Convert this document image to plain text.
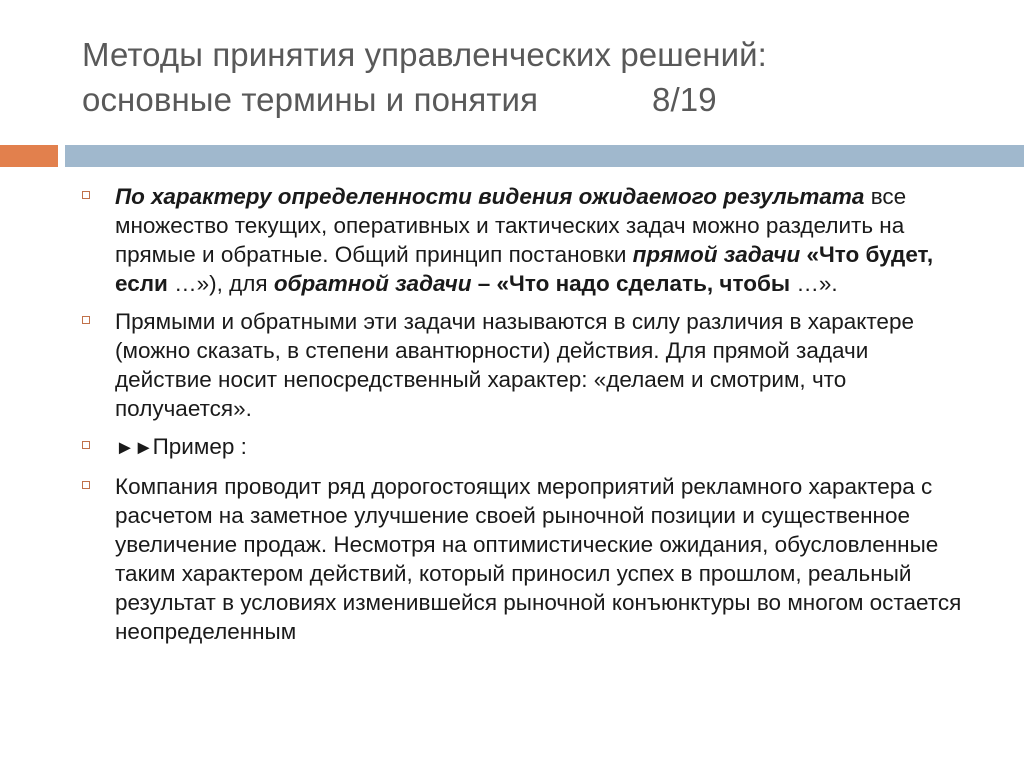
Методы принятия управленческих решений:
основные термины и понятия	8/19
По характеру определенности видения ожидаемого результата все множество текущих, оперативных и тактических задач можно разделить на прямые и обратные. Общий принцип постановки прямой задачи «Что будет, если …»), для обратной задачи – «Что надо сделать, чтобы …».
Прямыми и обратными эти задачи называются в силу различия в характере (можно сказать, в степени авантюрности) действия. Для прямой задачи действие носит непосредственный характер: «делаем и смотрим, что получается».
►►Пример :
Компания проводит ряд дорогостоящих мероприятий рекламного характера с расчетом на заметное улучшение своей рыночной позиции и существенное увеличение продаж. Несмотря на оптимистические ожидания, обусловленные таким характером действий, который приносил успех в прошлом, реальный результат в условиях изменившейся рыночной конъюнктуры во многом остается неопределенным
